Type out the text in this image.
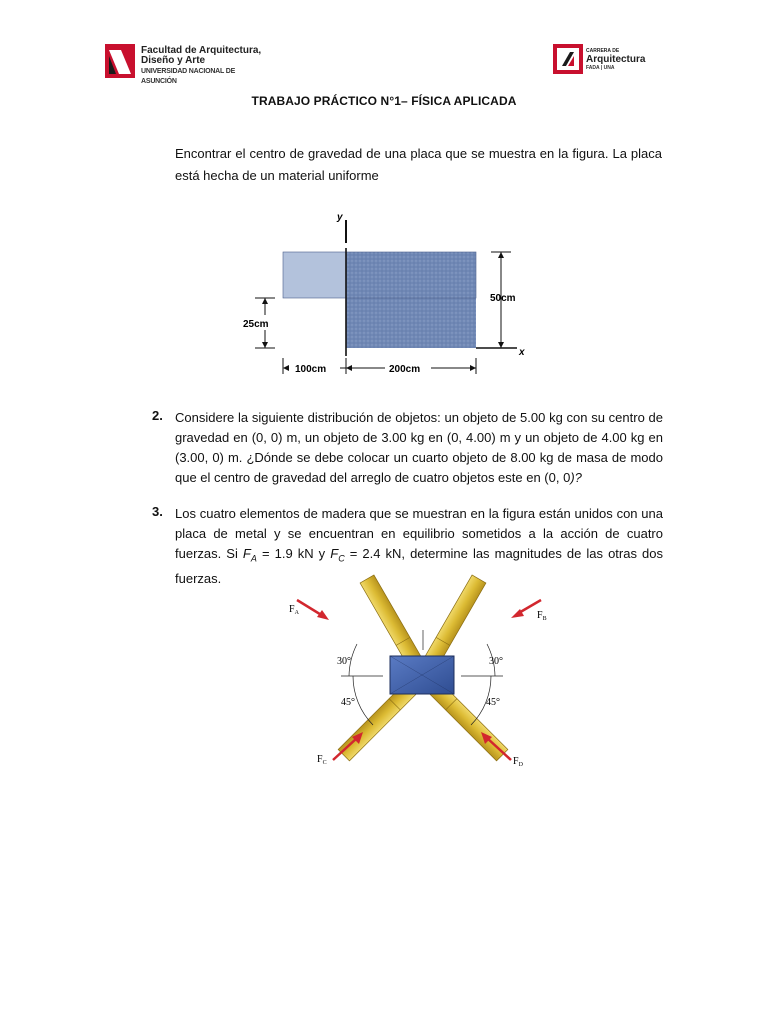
Facultad de Arquitectura,
Diseño y Arte
UNIVERSIDAD NACIONAL DE ASUNCIÓN
CARRERA DE
Arquitectura
FADA | UNA
TRABAJO PRÁCTICO N°1– FÍSICA APLICADA
Encontrar el centro de gravedad de una placa que se muestra en la figura. La placa está hecha de un material uniforme
y
x
50cm
25cm
100cm	200cm
2. Considere la siguiente distribución de objetos: un objeto de 5.00 kg con su centro de gravedad en (0, 0) m, un objeto de 3.00 kg en (0, 4.00) m y un objeto de 4.00 kg en (3.00, 0) m. ¿Dónde se debe colocar un cuarto objeto de 8.00 kg de masa de modo que el centro de gravedad del arreglo de cuatro objetos este en (0, 0)?
3. Los cuatro elementos de madera que se muestran en la figura están unidos con una placa de metal y se encuentran en equilibrio sometidos a la acción de cuatro fuerzas. Si $F_A = 1.9$ kN y $F_C = 2.4$ kN, determine las magnitudes de las otras dos fuerzas.
30°	30°
45°	45°
$F_A$	$F_B$
$F_C$	$F_D$
